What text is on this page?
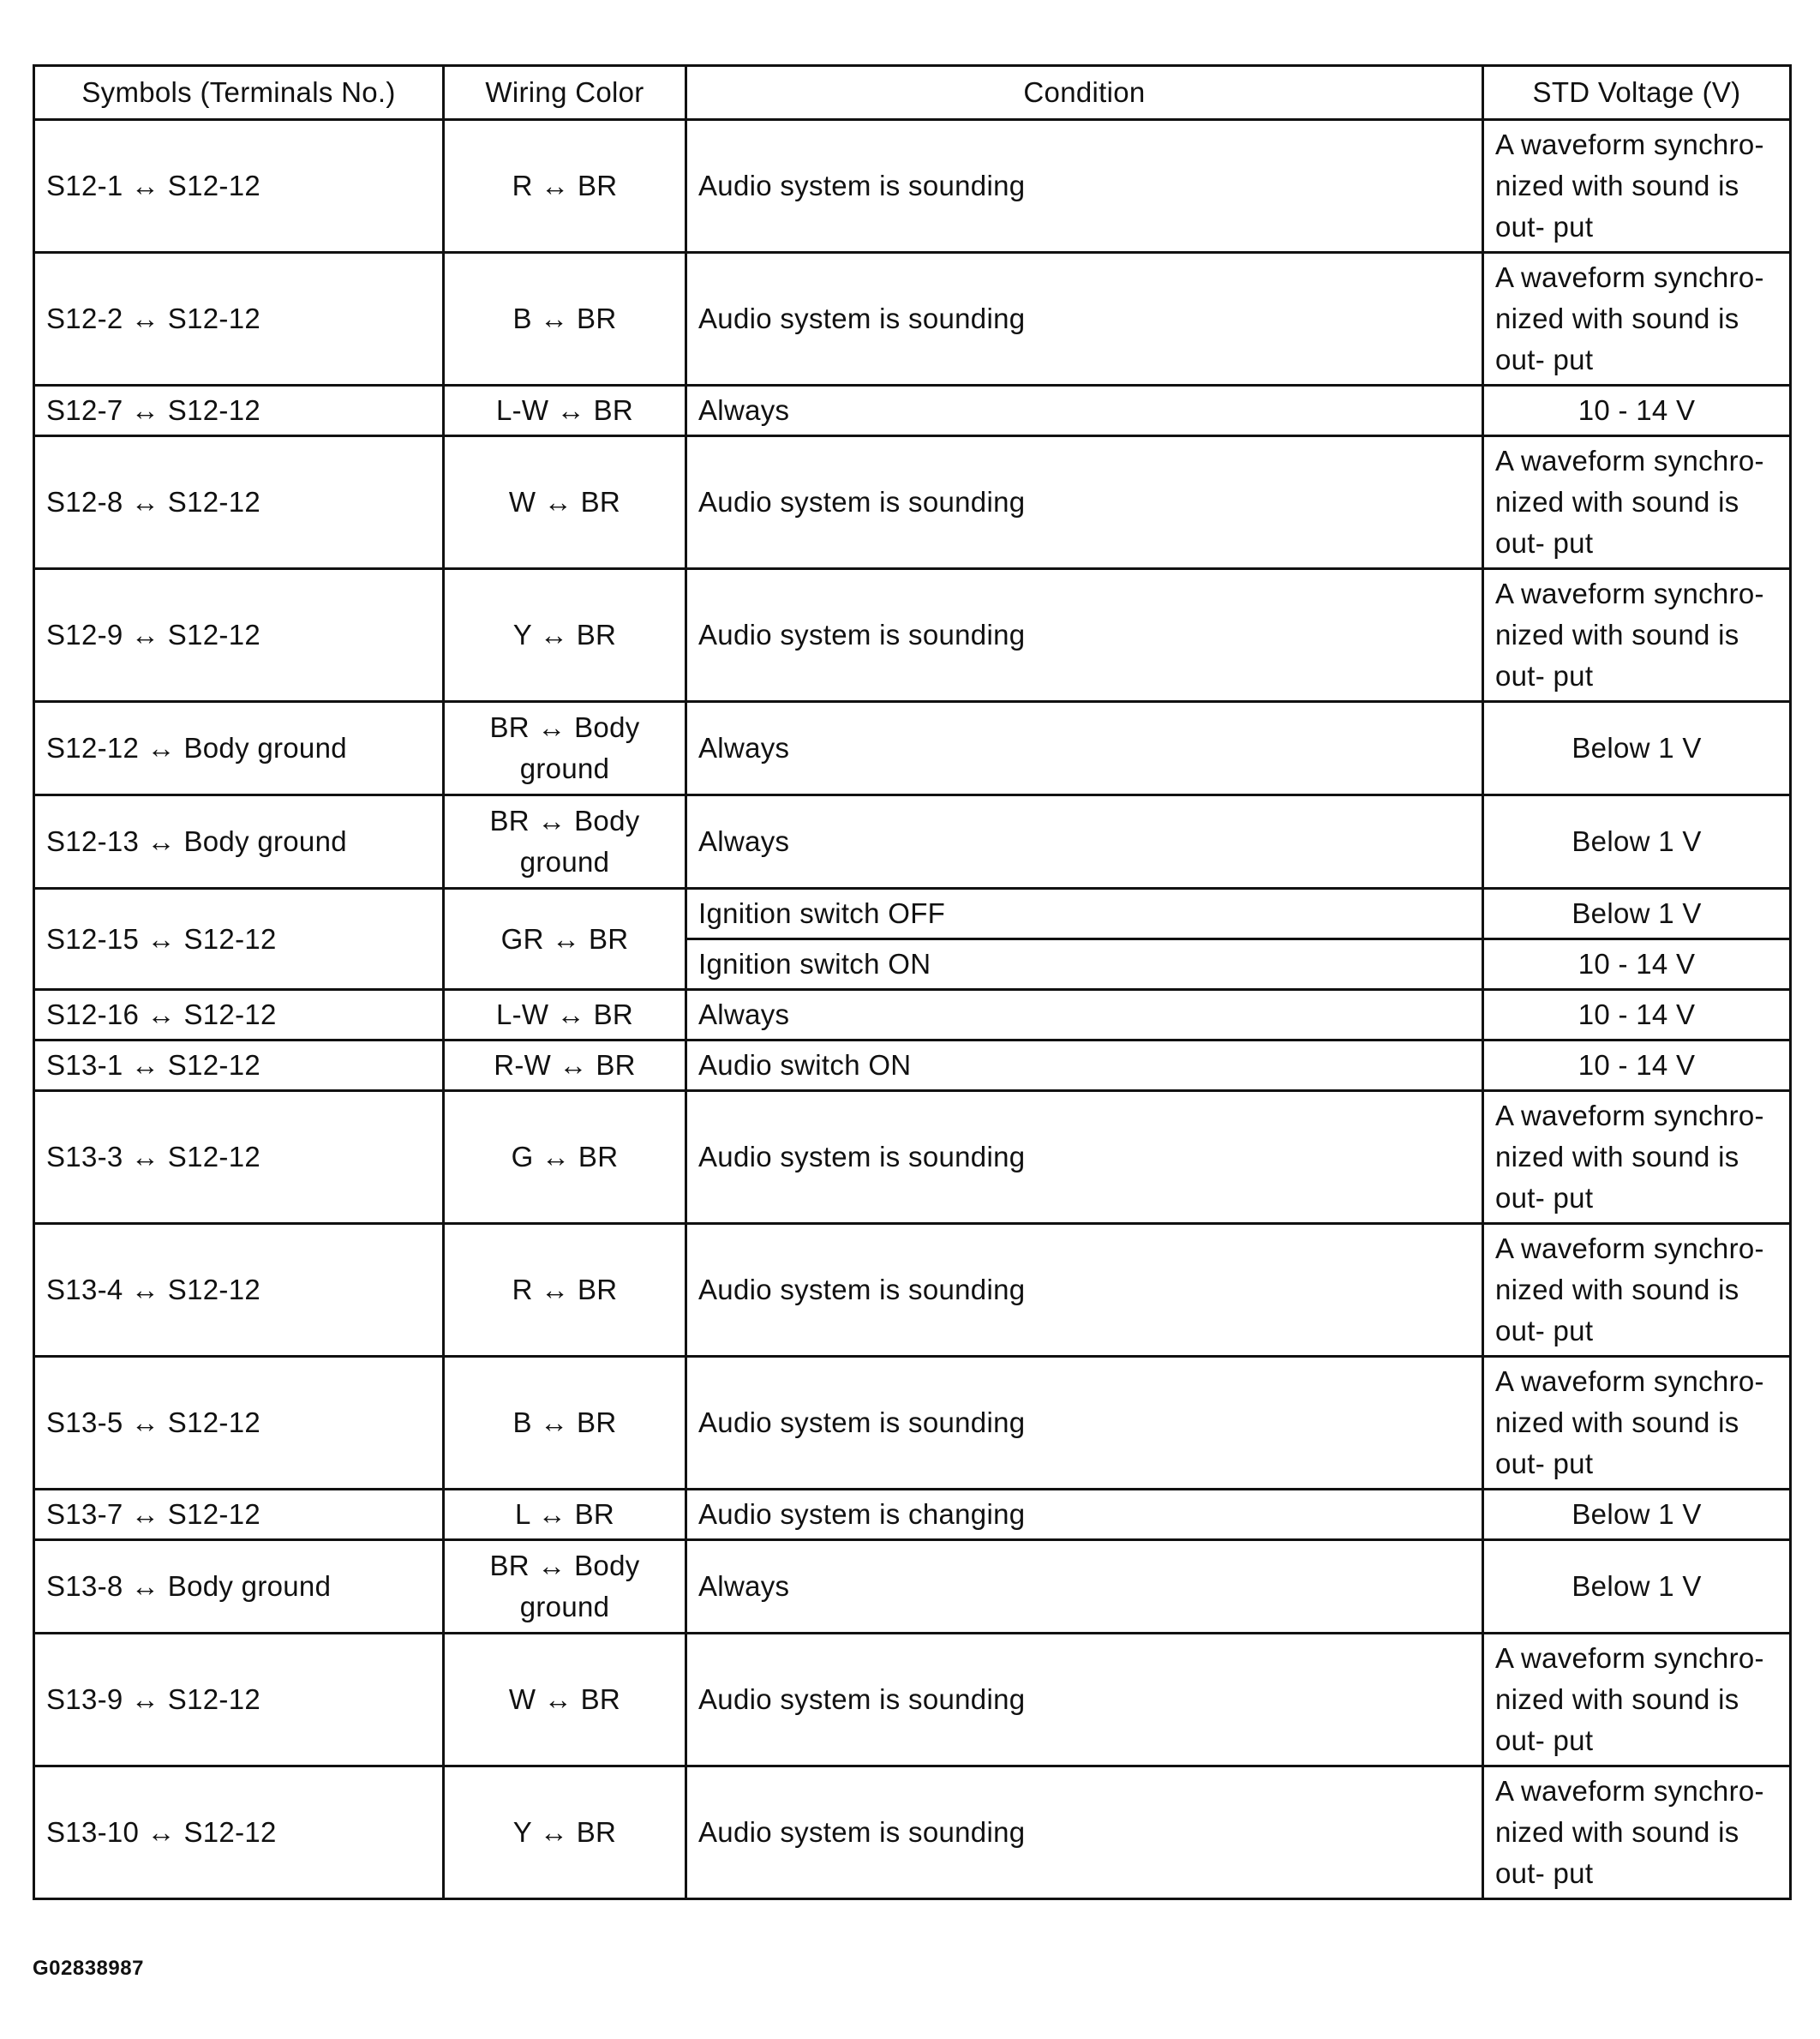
Symbols (Terminals No.)	Wiring Color	Condition	STD Voltage (V)
S12-1 ↔ S12-12	R ↔ BR	Audio system is sounding	A waveform synchro- nized with sound is out- put
S12-2 ↔ S12-12	B ↔ BR	Audio system is sounding	A waveform synchro- nized with sound is out- put
S12-7 ↔ S12-12	L-W ↔ BR	Always	10 - 14 V
S12-8 ↔ S12-12	W ↔ BR	Audio system is sounding	A waveform synchro- nized with sound is out- put
S12-9 ↔ S12-12	Y ↔ BR	Audio system is sounding	A waveform synchro- nized with sound is out- put
S12-12 ↔ Body ground	BR ↔ Body ground	Always	Below 1 V
S12-13 ↔ Body ground	BR ↔ Body ground	Always	Below 1 V
S12-15 ↔ S12-12	GR ↔ BR	Ignition switch OFF	Below 1 V
		Ignition switch ON	10 - 14 V
S12-16 ↔ S12-12	L-W ↔ BR	Always	10 - 14 V
S13-1 ↔ S12-12	R-W ↔ BR	Audio switch ON	10 - 14 V
S13-3 ↔ S12-12	G ↔ BR	Audio system is sounding	A waveform synchro- nized with sound is out- put
S13-4 ↔ S12-12	R ↔ BR	Audio system is sounding	A waveform synchro- nized with sound is out- put
S13-5 ↔ S12-12	B ↔ BR	Audio system is sounding	A waveform synchro- nized with sound is out- put
S13-7 ↔ S12-12	L ↔ BR	Audio system is changing	Below 1 V
S13-8 ↔ Body ground	BR ↔ Body ground	Always	Below 1 V
S13-9 ↔ S12-12	W ↔ BR	Audio system is sounding	A waveform synchro- nized with sound is out- put
S13-10 ↔ S12-12	Y ↔ BR	Audio system is sounding	A waveform synchro- nized with sound is out- put
G02838987
